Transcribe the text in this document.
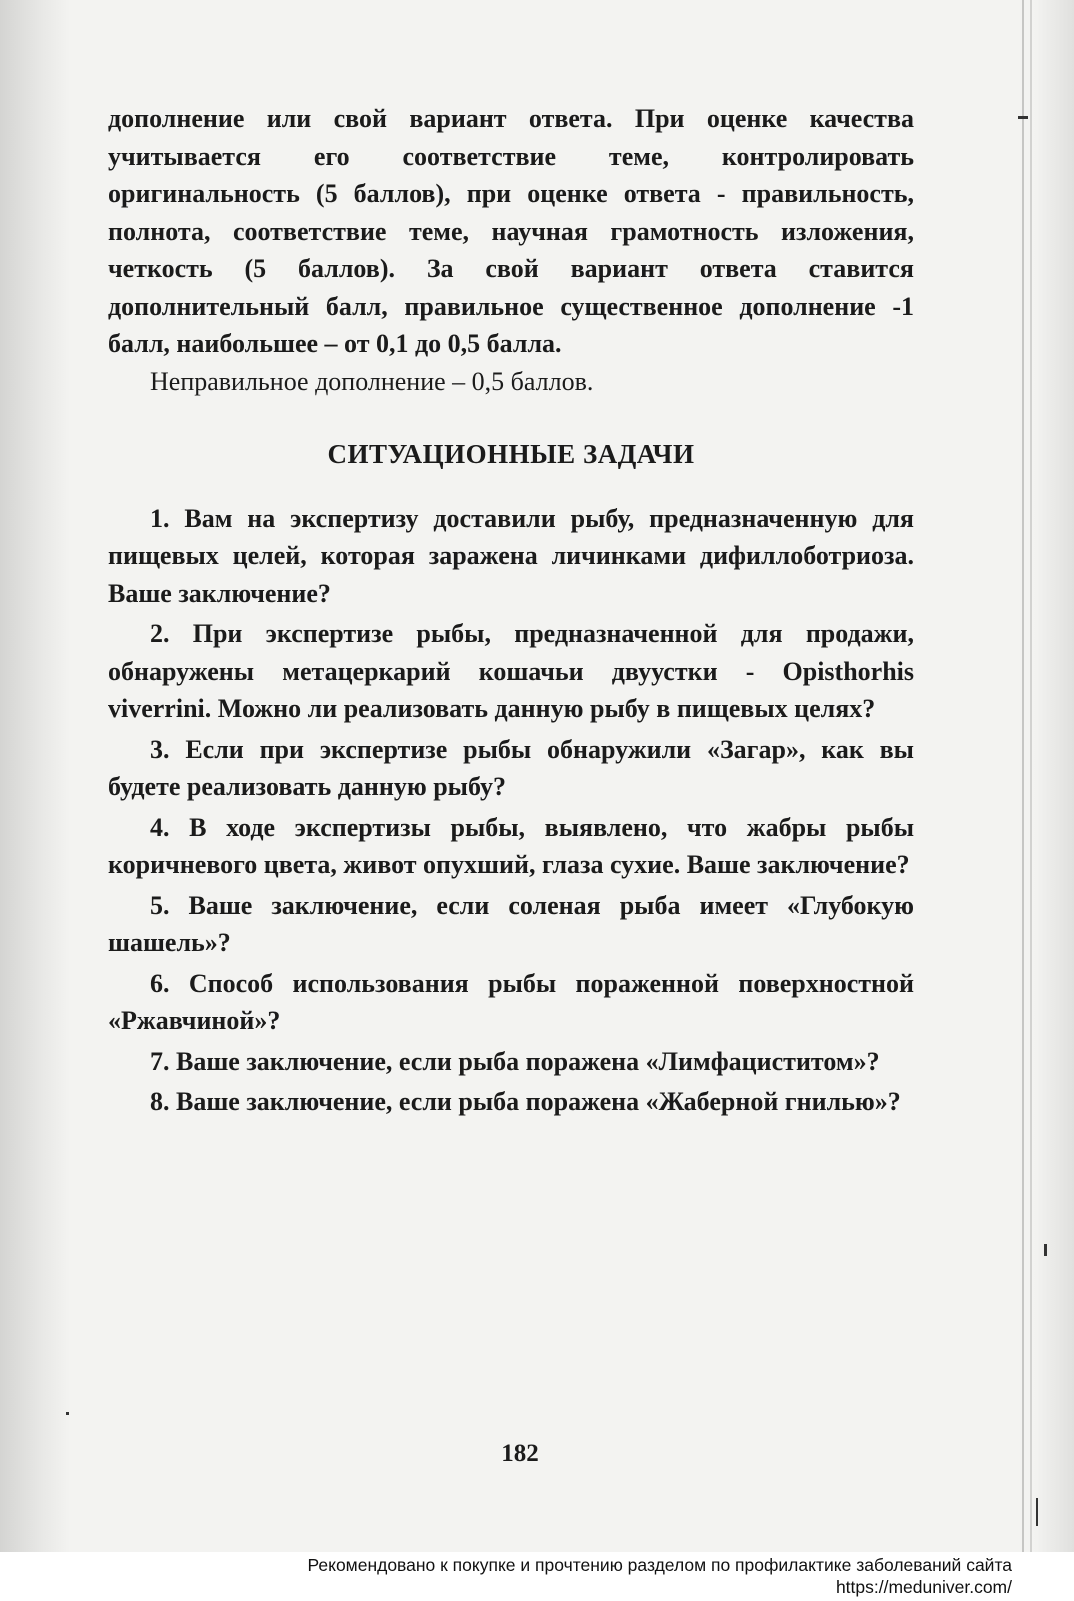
дополнение или свой вариант ответа. При оценке качества учитывается его соответствие теме, контролировать оригинальность (5 баллов), при оценке ответа - правильность, полнота, соответствие теме, научная грамотность изложения, четкость (5 баллов). За свой вариант ответа ставится дополнительный балл, правильное существенное дополнение -1 балл, наибольшее – от 0,1 до 0,5 балла.

Неправильное дополнение – 0,5 баллов.

СИТУАЦИОННЫЕ ЗАДАЧИ

1. Вам на экспертизу доставили рыбу, предназначенную для пищевых целей, которая заражена личинками дифиллоботриоза. Ваше заключение?

2. При экспертизе рыбы, предназначенной для продажи, обнаружены метацеркарий кошачьи двуустки - Opisthorhis viverrini. Можно ли реализовать данную рыбу в пищевых целях?

3. Если при экспертизе рыбы обнаружили «Загар», как вы будете реализовать данную рыбу?

4. В ходе экспертизы рыбы, выявлено, что жабры рыбы коричневого цвета, живот опухший, глаза сухие. Ваше заключение?

5. Ваше заключение, если соленая рыба имеет «Глубокую шашель»?

6. Способ использования рыбы пораженной поверхностной «Ржавчиной»?

7. Ваше заключение, если рыба поражена «Лимфациститом»?

8. Ваше заключение, если рыба поражена «Жаберной гнилью»?

182
Рекомендовано к покупке и прочтению разделом по профилактике заболеваний сайта https://meduniver.com/
